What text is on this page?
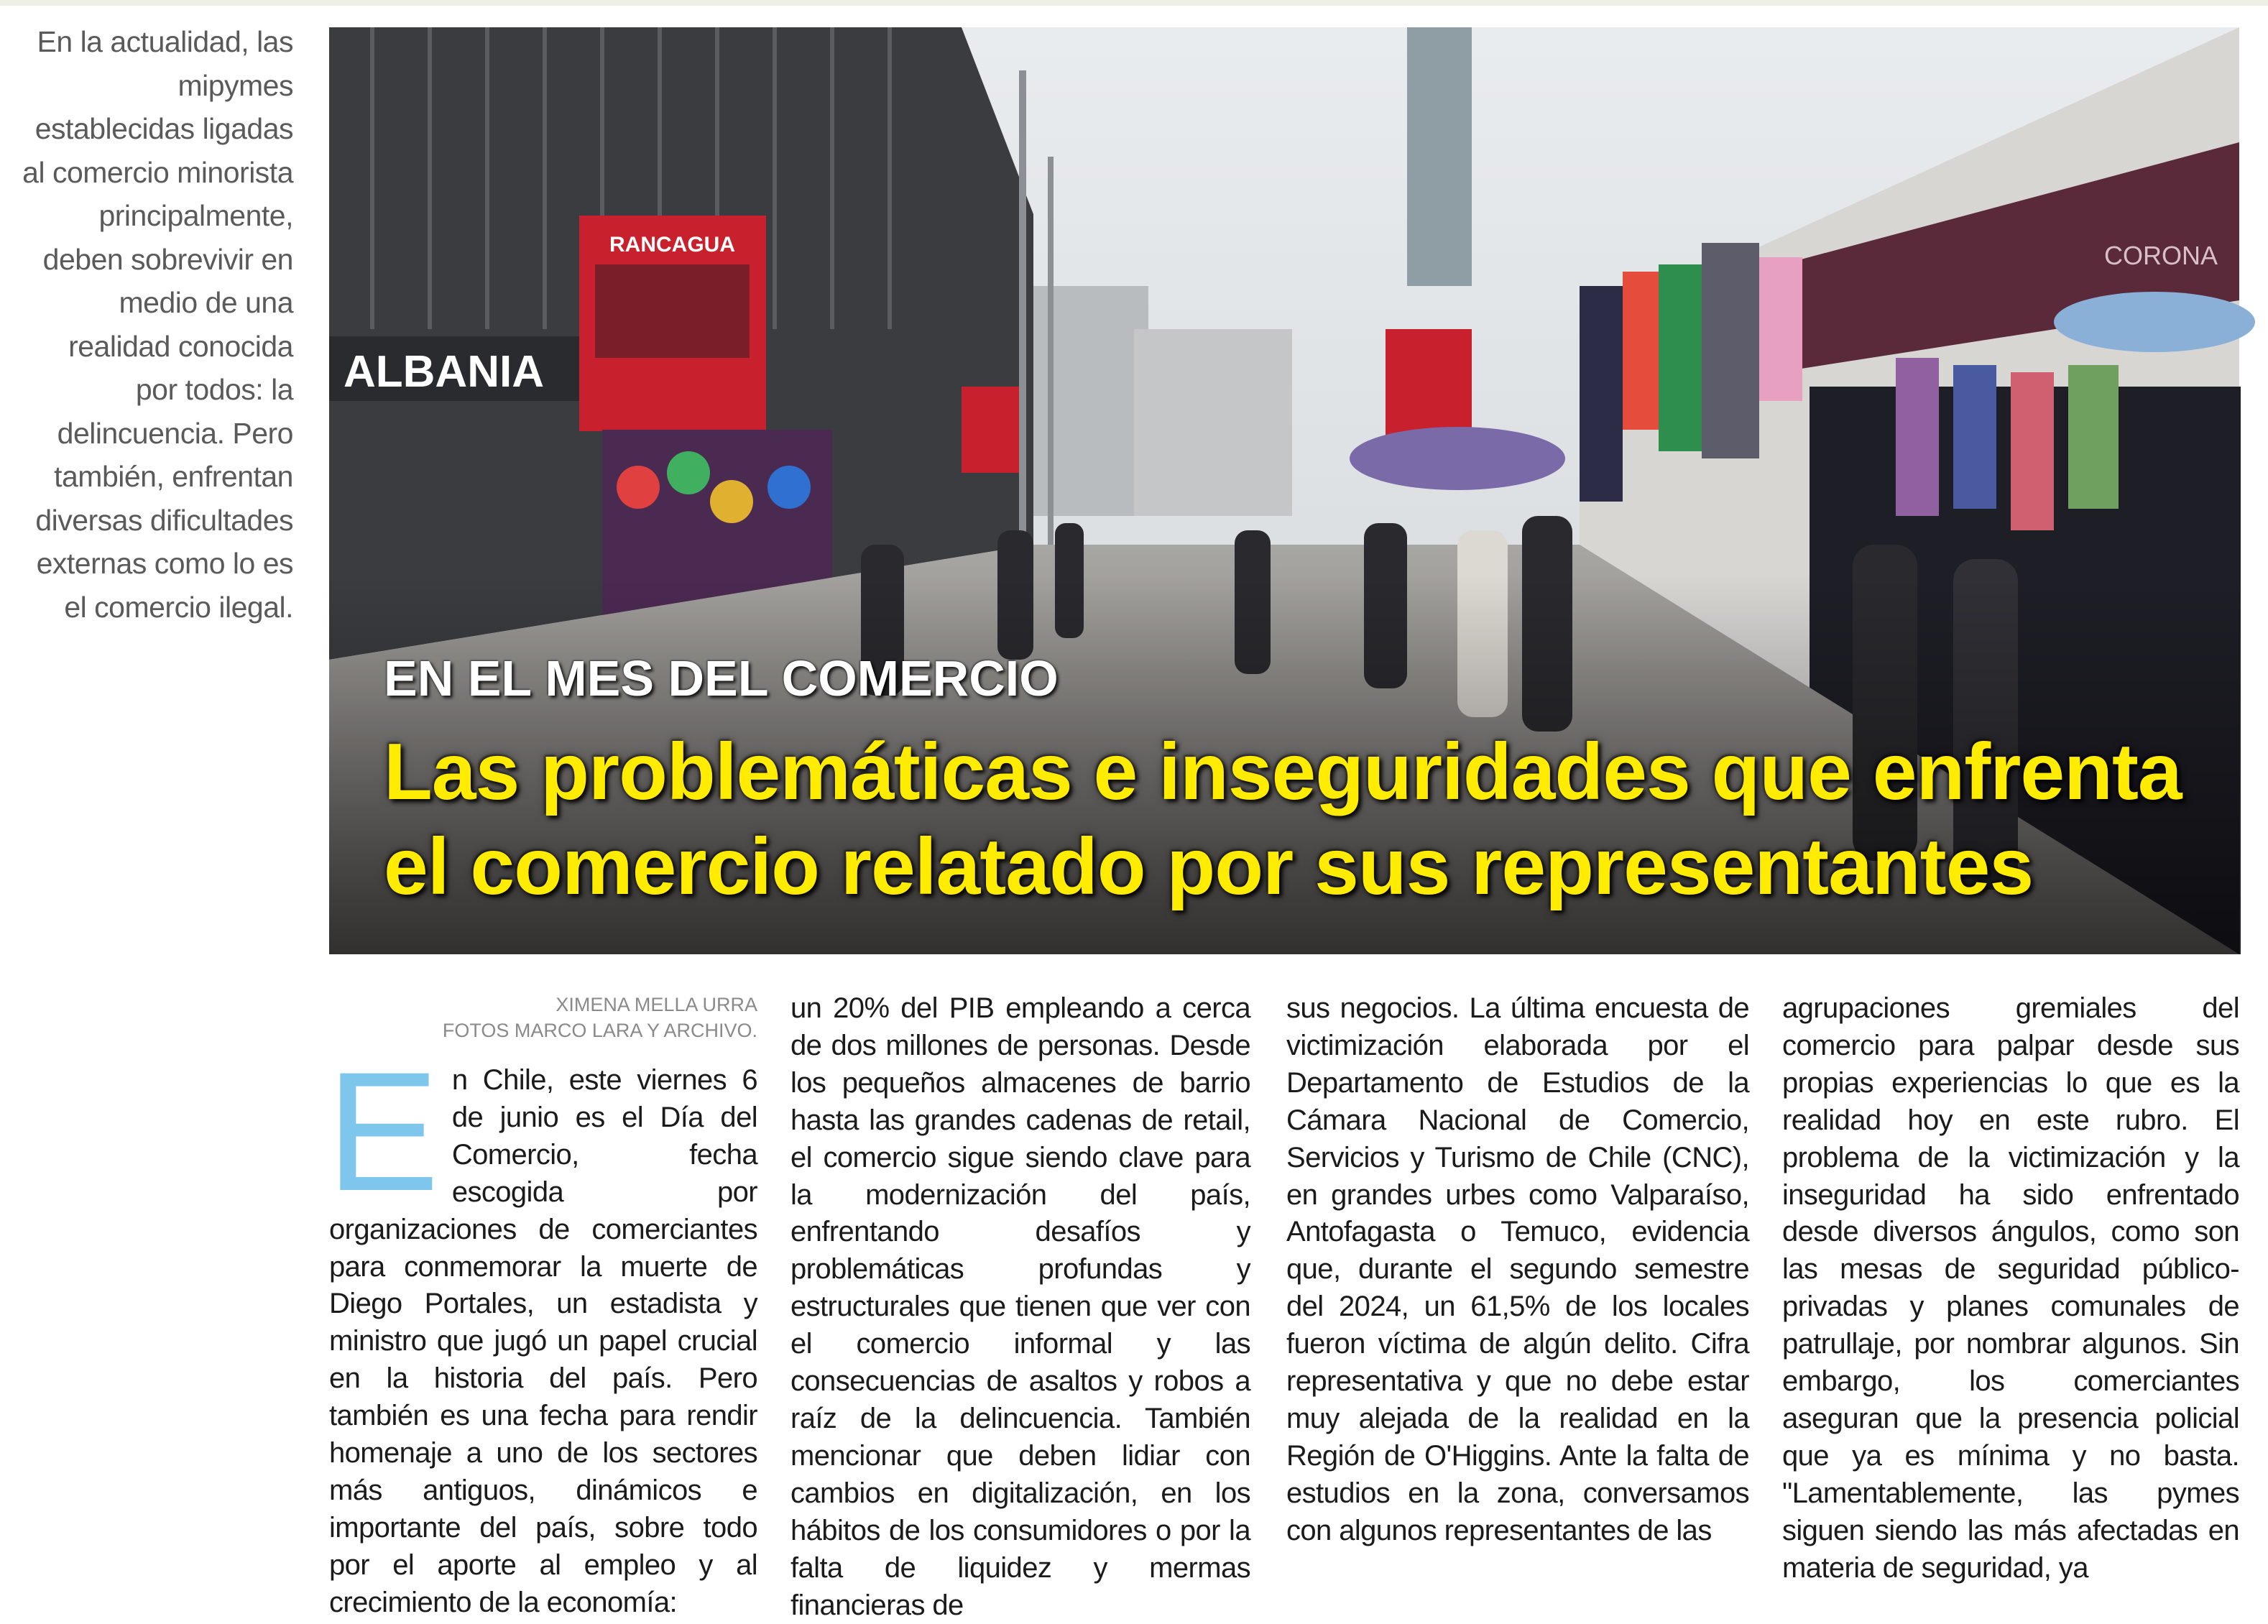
En la actualidad, las mipymes establecidas ligadas al comercio minorista principalmente, deben sobrevivir en medio de una realidad conocida por todos: la delincuencia. Pero también, enfrentan diversas dificultades externas como lo es el comercio ilegal.
ALBANIA
RANCAGUA	CORONA
EN EL MES DEL COMERCIO
Las problemáticas e inseguridades que enfrenta el comercio relatado por sus representantes
XIMENA MELLA URRA
FOTOS MARCO LARA Y ARCHIVO.
E n Chile, este viernes 6 de junio es el Día del Comercio, fecha escogida por organizaciones de comerciantes para conmemorar la muerte de Diego Portales, un estadista y ministro que jugó un papel crucial en la historia del país. Pero también es una fecha para rendir homenaje a uno de los sectores más antiguos, dinámicos e importante del país, sobre todo por el aporte al empleo y al crecimiento de la economía:

un 20% del PIB empleando a cerca de dos millones de personas. Desde los pequeños almacenes de barrio hasta las grandes cadenas de retail, el comercio sigue siendo clave para la modernización del país, enfrentando desafíos y problemáticas profundas y estructurales que tienen que ver con el comercio informal y las consecuencias de asaltos y robos a raíz de la delincuencia. También mencionar que deben lidiar con cambios en digitalización, en los hábitos de los consumidores o por la falta de liquidez y mermas financieras de

sus negocios. La última encuesta de victimización elaborada por el Departamento de Estudios de la Cámara Nacional de Comercio, Servicios y Turismo de Chile (CNC), en grandes urbes como Valparaíso, Antofagasta o Temuco, evidencia que, durante el segundo semestre del 2024, un 61,5% de los locales fueron víctima de algún delito. Cifra representativa y que no debe estar muy alejada de la realidad en la Región de O'Higgins. Ante la falta de estudios en la zona, conversamos con algunos representantes de las

agrupaciones gremiales del comercio para palpar desde sus propias experiencias lo que es la realidad hoy en este rubro. El problema de la victimización y la inseguridad ha sido enfrentado desde diversos ángulos, como son las mesas de seguridad público-privadas y planes comunales de patrullaje, por nombrar algunos. Sin embargo, los comerciantes aseguran que la presencia policial que ya es mínima y no basta. "Lamentablemente, las pymes siguen siendo las más afectadas en materia de seguridad, ya
